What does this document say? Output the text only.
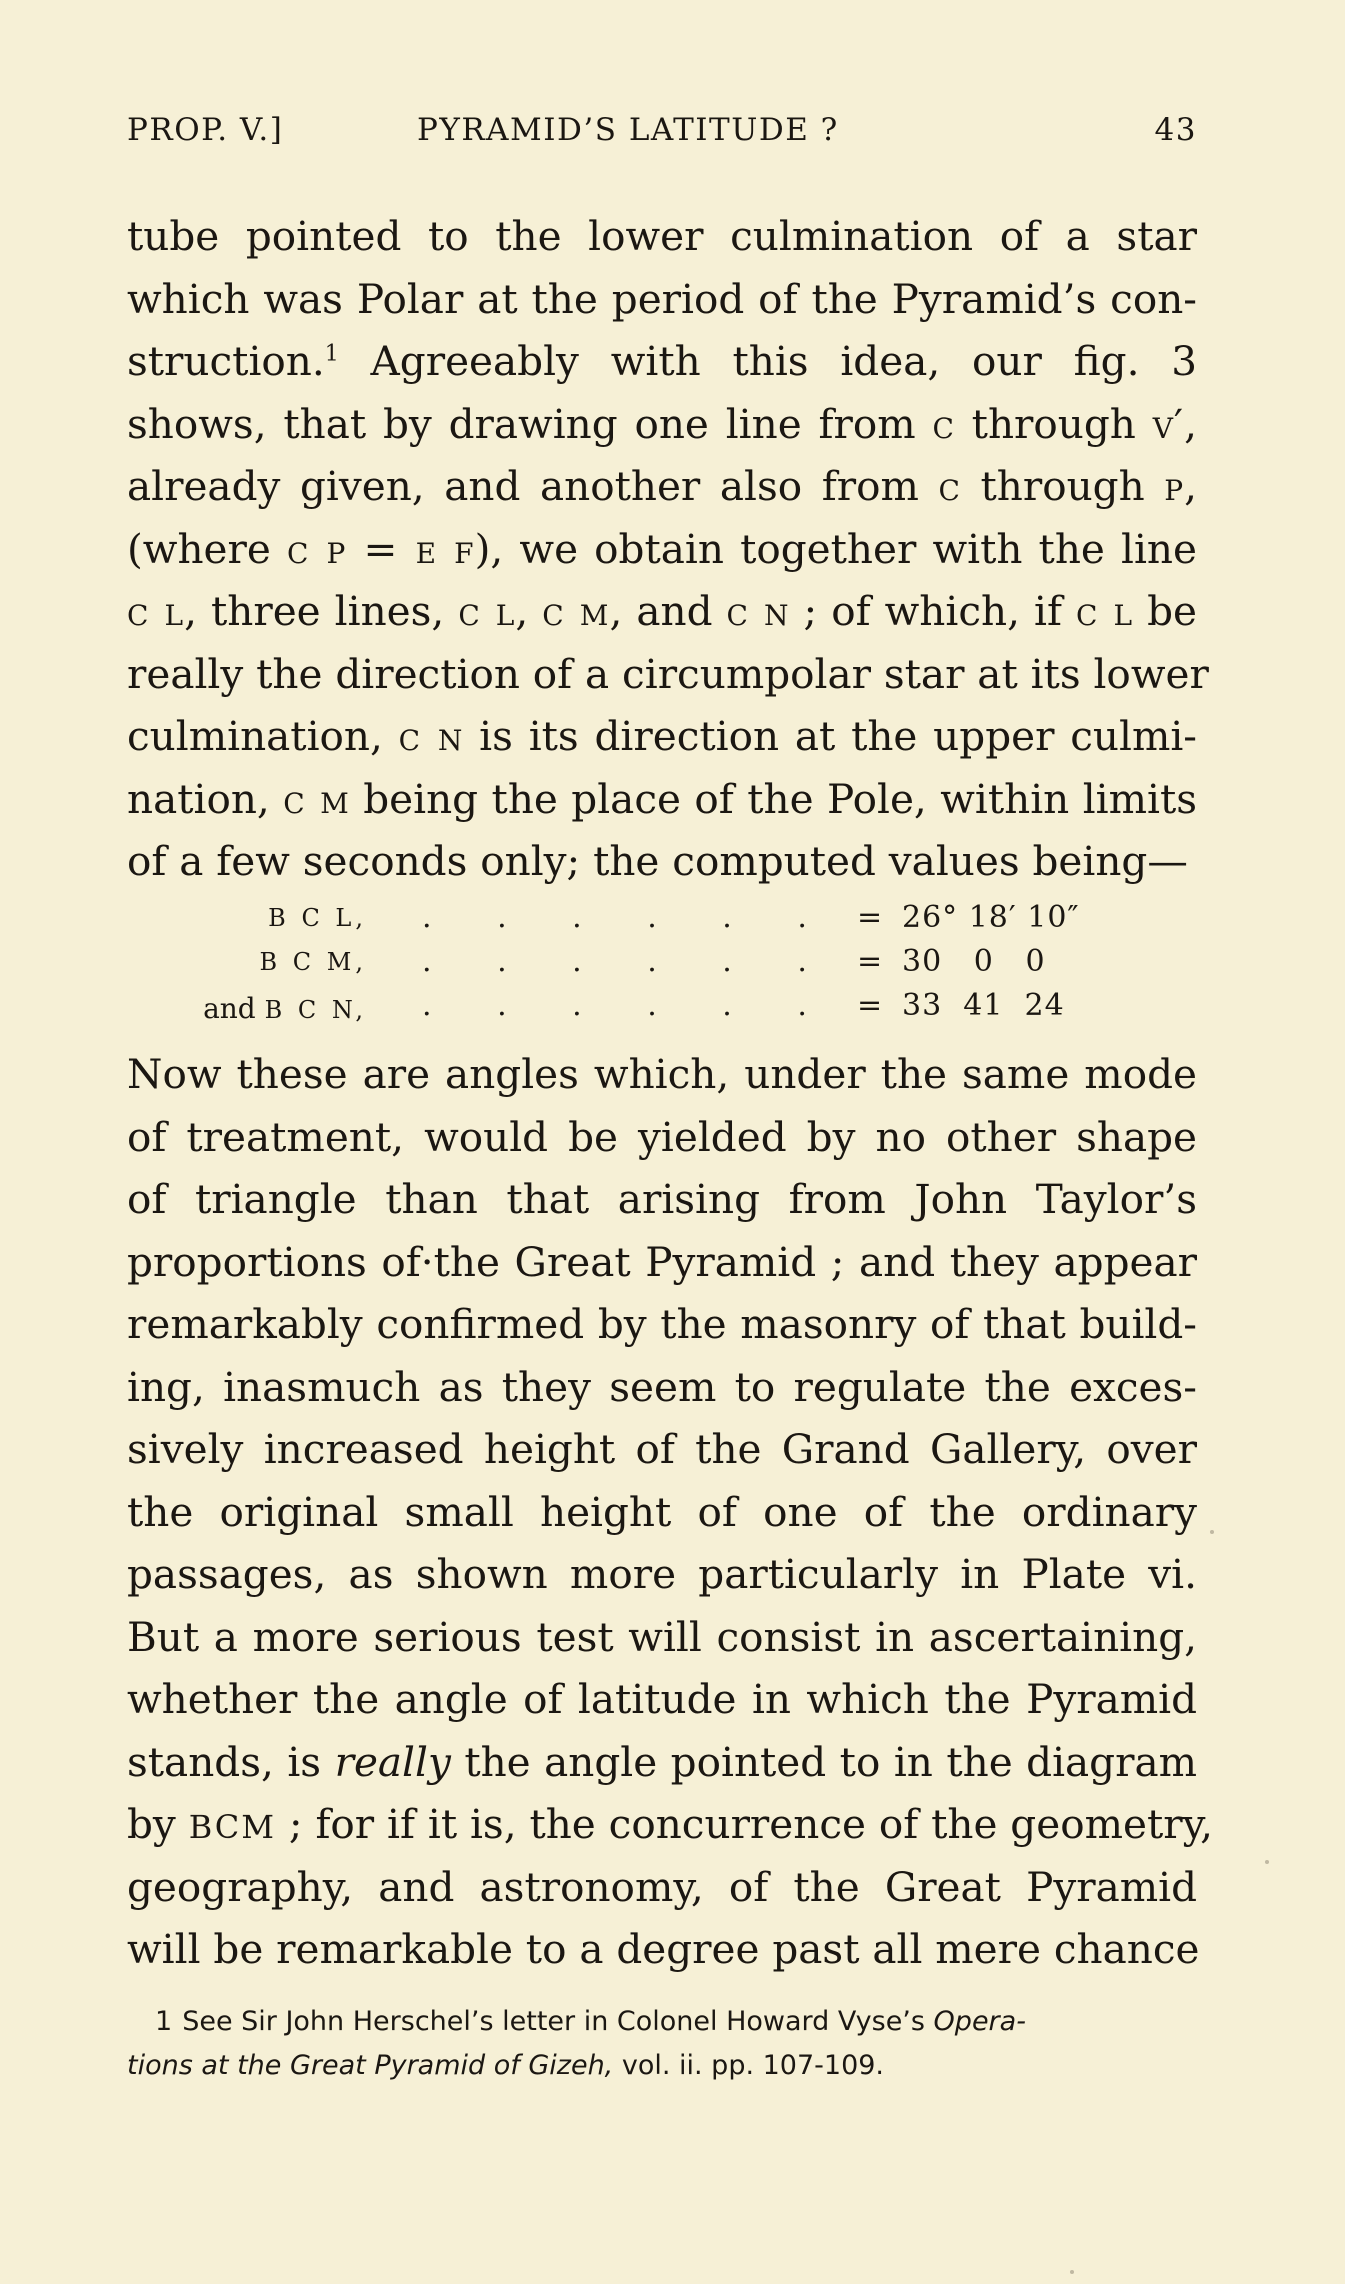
PROP. V.]	PYRAMID’S LATITUDE ?	43
tube pointed to the lower culmination of a star
which was Polar at the period of the Pyramid’s con-
struction.$^1$ Agreeably with this idea, our fig. 3
shows, that by drawing one line from c through v′,
already given, and another also from c through p,
(where c p = e f), we obtain together with the line
c l, three lines, c l, c m, and c n ; of which, if c l be
really the direction of a circumpolar star at its lower
culmination, c n is its direction at the upper culmi-
nation, c m being the place of the Pole, within limits
of a few seconds only; the computed values being—
B C L, . . . . . . = 26° 18′ 10″
B C M, . . . . . . = 30   0   0
and B C N, . . . . . . = 33  41  24
Now these are angles which, under the same mode
of treatment, would be yielded by no other shape
of triangle than that arising from John Taylor’s
proportions of·the Great Pyramid ; and they appear
remarkably confirmed by the masonry of that build-
ing, inasmuch as they seem to regulate the exces-
sively increased height of the Grand Gallery, over
the original small height of one of the ordinary
passages, as shown more particularly in Plate vi.
But a more serious test will consist in ascertaining,
whether the angle of latitude in which the Pyramid
stands, is really the angle pointed to in the diagram
by BCM ; for if it is, the concurrence of the geometry,
geography, and astronomy, of the Great Pyramid
will be remarkable to a degree past all mere chance
1 See Sir John Herschel’s letter in Colonel Howard Vyse’s Opera-
tions at the Great Pyramid of Gizeh, vol. ii. pp. 107-109.
